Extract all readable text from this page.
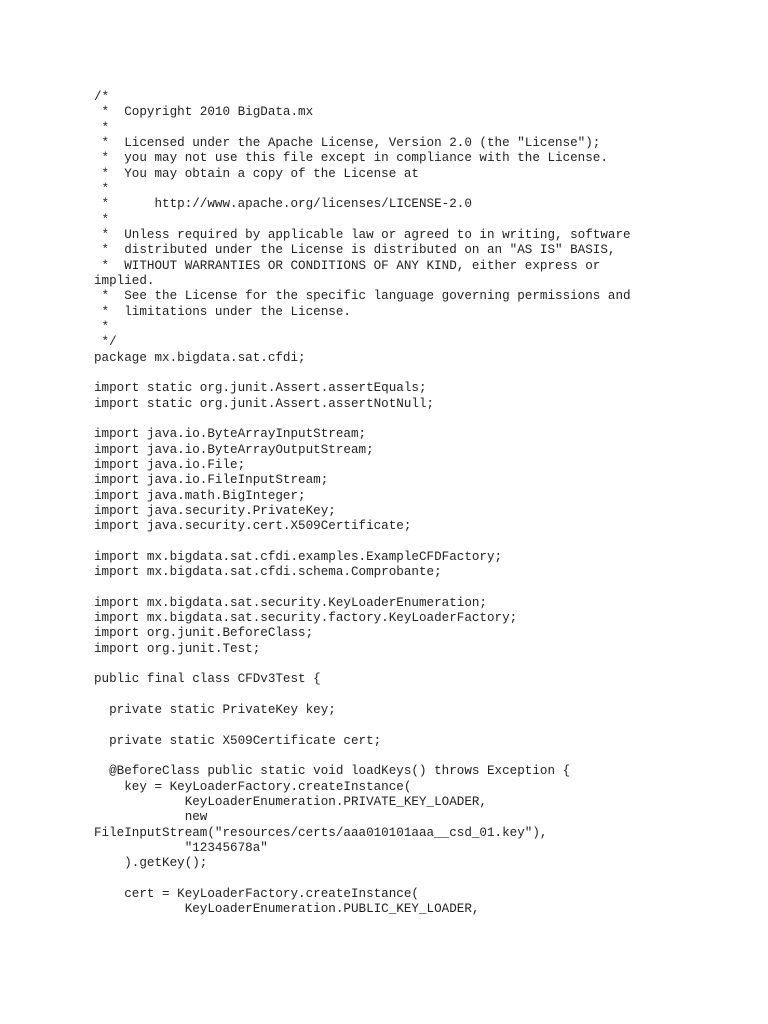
/*
*  Copyright 2010 BigData.mx
*
*  Licensed under the Apache License, Version 2.0 (the "License");
*  you may not use this file except in compliance with the License.
*  You may obtain a copy of the License at
*
*      http://www.apache.org/licenses/LICENSE-2.0
*
*  Unless required by applicable law or agreed to in writing, software
*  distributed under the License is distributed on an "AS IS" BASIS,
*  WITHOUT WARRANTIES OR CONDITIONS OF ANY KIND, either express or
implied.
*  See the License for the specific language governing permissions and
*  limitations under the License.
*
*/
package mx.bigdata.sat.cfdi;
import static org.junit.Assert.assertEquals;
import static org.junit.Assert.assertNotNull;
import java.io.ByteArrayInputStream;
import java.io.ByteArrayOutputStream;
import java.io.File;
import java.io.FileInputStream;
import java.math.BigInteger;
import java.security.PrivateKey;
import java.security.cert.X509Certificate;
import mx.bigdata.sat.cfdi.examples.ExampleCFDFactory;
import mx.bigdata.sat.cfdi.schema.Comprobante;
import mx.bigdata.sat.security.KeyLoaderEnumeration;
import mx.bigdata.sat.security.factory.KeyLoaderFactory;
import org.junit.BeforeClass;
import org.junit.Test;
public final class CFDv3Test {
private static PrivateKey key;
private static X509Certificate cert;
@BeforeClass public static void loadKeys() throws Exception {
key = KeyLoaderFactory.createInstance(
KeyLoaderEnumeration.PRIVATE_KEY_LOADER,
new
FileInputStream("resources/certs/aaa010101aaa__csd_01.key"),
"12345678a"
).getKey();
cert = KeyLoaderFactory.createInstance(
KeyLoaderEnumeration.PUBLIC_KEY_LOADER,
